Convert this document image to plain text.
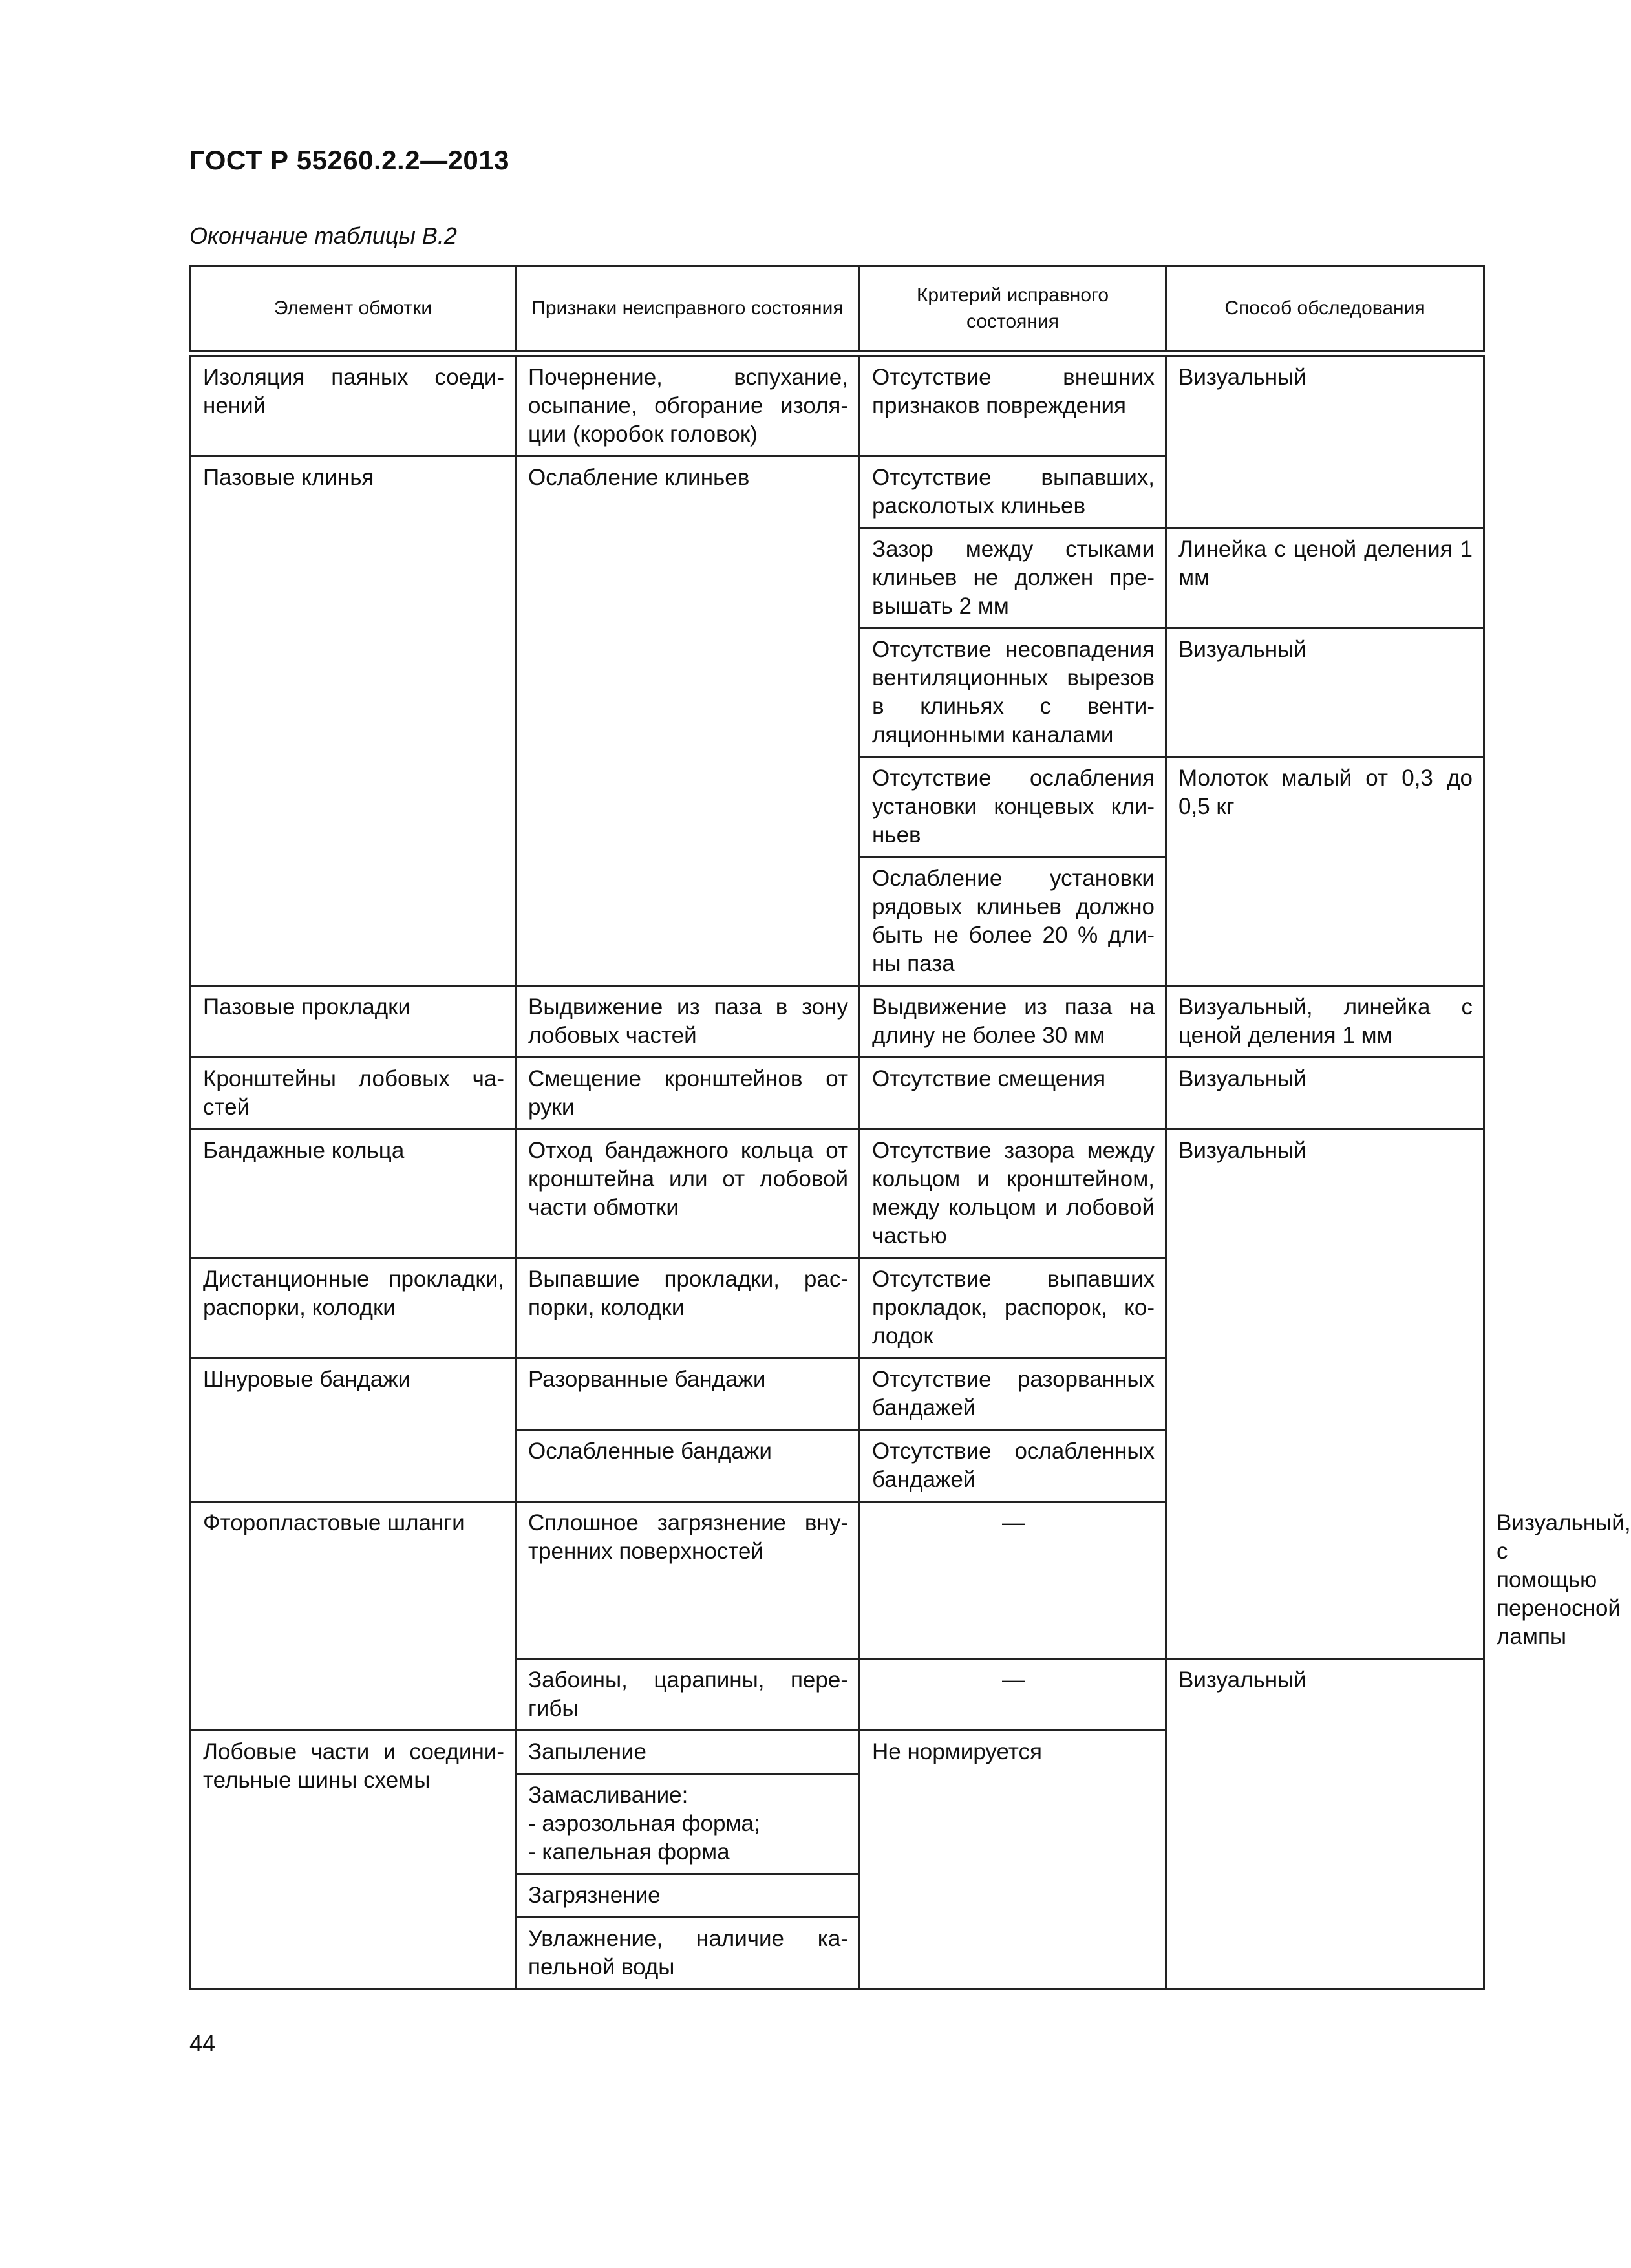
ГОСТ Р 55260.2.2—2013
Окончание таблицы В.2
Элемент обмотки	Признаки неисправного состояния	Критерий исправного состояния	Способ обследования	
Изоляция паяных соединений	Почернение, вспухание, осыпание, обгорание изоляции (коробок головок)	Отсутствие внешних признаков повреждения	Визуальный	
Пазовые клинья	Ослабление клиньев	Отсутствие выпавших, расколотых клиньев		
		Зазор между стыками клиньев не должен превышать 2 мм	Линейка с ценой деления 1 мм	
		Отсутствие несовпадения вентиляционных вырезов в клиньях с вентиляционными каналами	Визуальный	
		Отсутствие ослабления установки концевых клиньев	Молоток малый от 0,3 до 0,5 кг	
		Ослабление установки рядовых клиньев должно быть не более 20 % длины паза		
Пазовые прокладки	Выдвижение из паза в зону лобовых частей	Выдвижение из паза на длину не более 30 мм	Визуальный, линейка с ценой деления 1 мм	
Кронштейны лобовых частей	Смещение кронштейнов от руки	Отсутствие смещения	Визуальный	
Бандажные кольца	Отход бандажного кольца от кронштейна или от лобовой части обмотки	Отсутствие зазора между кольцом и кронштейном, между кольцом и лобовой частью	Визуальный	
Дистанционные прокладки, распорки, колодки	Выпавшие прокладки, распорки, колодки	Отсутствие выпавших прокладок, распорок, колодок		
Шнуровые бандажи	Разорванные бандажи	Отсутствие разорванных бандажей		
	Ослабленные бандажи	Отсутствие ослабленных бандажей		
Фторопластовые шланги	Сплошное загрязнение внутренних поверхностей	—		Визуальный, с помощью переносной лампы
	Забоины, царапины, перегибы	—	Визуальный	
Лобовые части и соединительные шины схемы	Запыление	Не нормируется		
	Замасливание:
- аэрозольная форма;
- капельная форма			
	Загрязнение			
	Увлажнение, наличие капельной воды			
44
